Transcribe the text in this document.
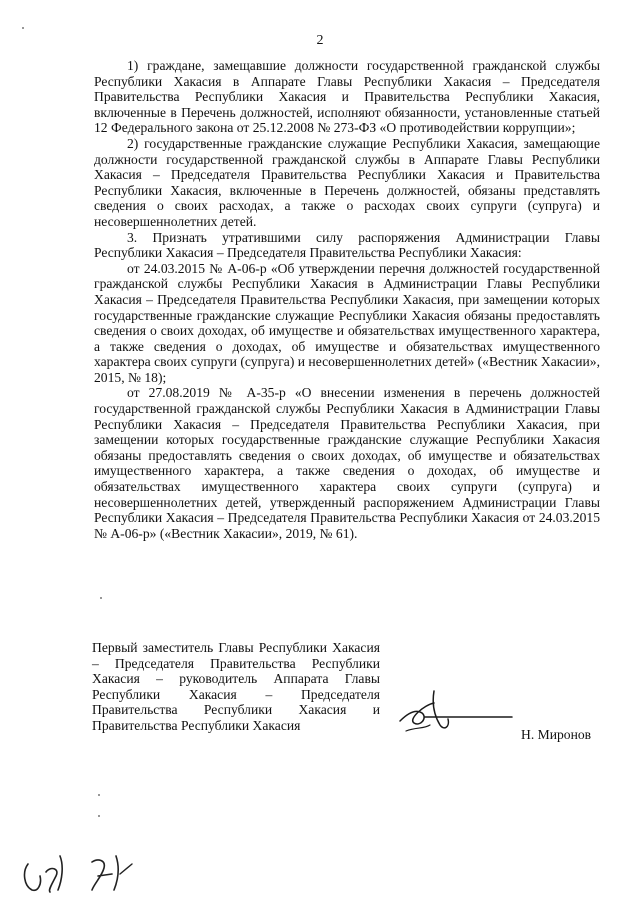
2

1) граждане, замещавшие должности государственной гражданской службы Республики Хакасия в Аппарате Главы Республики Хакасия – Председателя Правительства Республики Хакасия и Правительства Республики Хакасия, включенные в Перечень должностей, исполняют обязанности, установленные статьей 12 Федерального закона от 25.12.2008 № 273-ФЗ «О противодействии коррупции»;

2) государственные гражданские служащие Республики Хакасия, замещающие должности государственной гражданской службы в Аппарате Главы Республики Хакасия – Председателя Правительства Республики Хакасия и Правительства Республики Хакасия, включенные в Перечень должностей, обязаны представлять сведения о своих расходах, а также о расходах своих супруги (супруга) и несовершеннолетних детей.

3. Признать утратившими силу распоряжения Администрации Главы Республики Хакасия – Председателя Правительства Республики Хакасия:

от 24.03.2015 № А-06-р «Об утверждении перечня должностей государственной гражданской службы Республики Хакасия в Администрации Главы Республики Хакасия – Председателя Правительства Республики Хакасия, при замещении которых государственные гражданские служащие Республики Хакасия обязаны предоставлять сведения о своих доходах, об имуществе и обязательствах имущественного характера, а также сведения о доходах, об имуществе и обязательствах имущественного характера своих супруги (супруга) и несовершеннолетних детей» («Вестник Хакасии», 2015, № 18);

от 27.08.2019 № А-35-р «О внесении изменения в перечень должностей государственной гражданской службы Республики Хакасия в Администрации Главы Республики Хакасия – Председателя Правительства Республики Хакасия, при замещении которых государственные гражданские служащие Республики Хакасия обязаны предоставлять сведения о своих доходах, об имуществе и обязательствах имущественного характера, а также сведения о доходах, об имуществе и обязательствах имущественного характера своих супруги (супруга) и несовершеннолетних детей, утвержденный распоряжением Администрации Главы Республики Хакасия – Председателя Правительства Республики Хакасия от 24.03.2015 № А-06-р» («Вестник Хакасии», 2019, № 61).

Первый заместитель Главы Республики Хакасия – Председателя Правительства Республики Хакасия – руководитель Аппарата Главы Республики Хакасия – Председателя Правительства Республики Хакасия и Правительства Республики Хакасия
Н. Миронов
